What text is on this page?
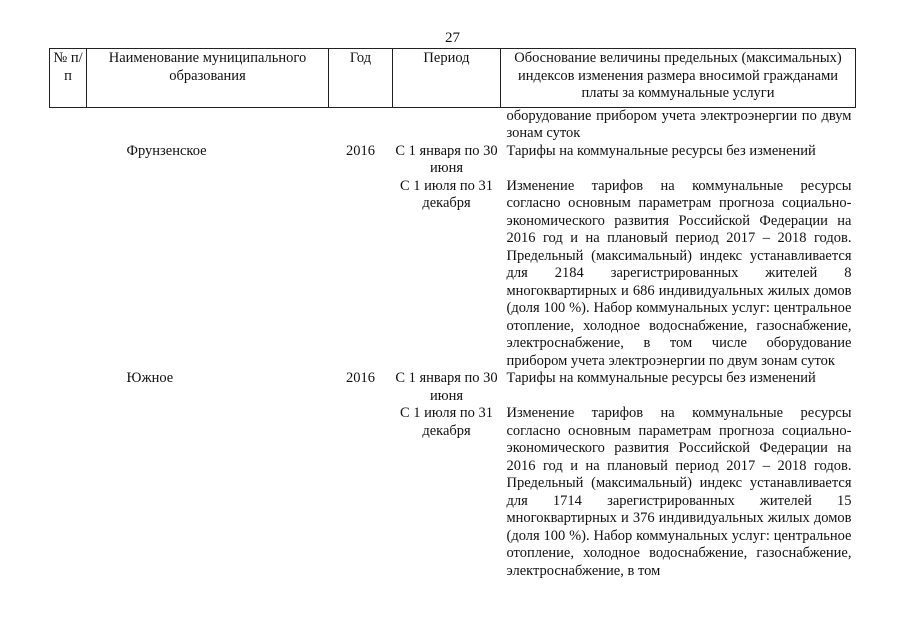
27
№ п/п	Наименование муниципального образования	Год	Период	Обоснование величины предельных (максимальных) индексов изменения размера вносимой гражданами платы за коммунальные услуги
				оборудование прибором учета электроэнергии по двум зонам суток
	Фрунзенское	2016	С 1 января по 30 июня	Тарифы на коммунальные ресурсы без изменений
			С 1 июля по 31 декабря	Изменение тарифов на коммунальные ресурсы согласно основным параметрам прогноза социально-экономического развития Российской Федерации на 2016 год и на плановый период 2017 – 2018 годов. Предельный (максимальный) индекс устанавливается для 2184 зарегистрированных жителей 8 многоквартирных и 686 индивидуальных жилых домов (доля 100 %). Набор коммунальных услуг: центральное отопление, холодное водоснабжение, газоснабжение, электроснабжение, в том числе оборудование прибором учета электроэнергии по двум зонам суток
	Южное	2016	С 1 января по 30 июня	Тарифы на коммунальные ресурсы без изменений
			С 1 июля по 31 декабря	Изменение тарифов на коммунальные ресурсы согласно основным параметрам прогноза социально-экономического развития Российской Федерации на 2016 год и на плановый период 2017 – 2018 годов. Предельный (максимальный) индекс устанавливается для 1714 зарегистрированных жителей 15 многоквартирных и 376 индивидуальных жилых домов (доля 100 %). Набор коммунальных услуг: центральное отопление, холодное водоснабжение, газоснабжение, электроснабжение, в том
